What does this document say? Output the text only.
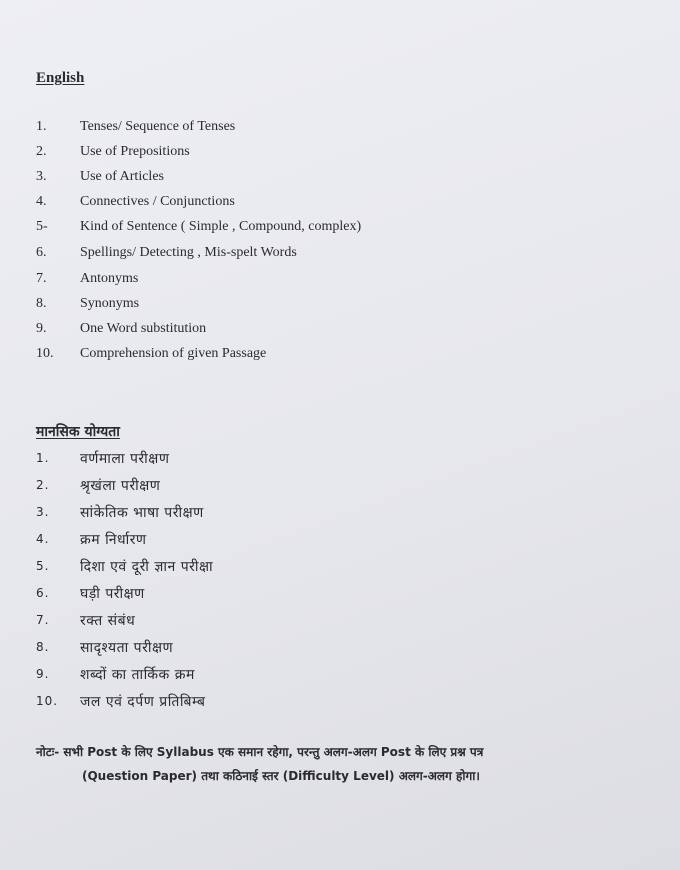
English
1.	Tenses/ Sequence of Tenses
2.	Use of Prepositions
3.	Use of Articles
4.	Connectives / Conjunctions
5-	Kind of Sentence ( Simple , Compound, complex)
6.	Spellings/ Detecting , Mis-spelt Words
7.	Antonyms
8.	Synonyms
9.	One Word substitution
10.	Comprehension of given Passage
मानसिक योग्यता
1.	वर्णमाला परीक्षण
2.	श्रृखंला परीक्षण
3.	सांकेतिक भाषा परीक्षण
4.	क्रम निर्धारण
5.	दिशा एवं दूरी ज्ञान परीक्षा
6.	घड़ी परीक्षण
7.	रक्त संबंध
8.	सादृश्यता परीक्षण
9.	शब्दों का तार्किक क्रम
10.	जल एवं दर्पण प्रतिबिम्ब
नोटः- सभी Post के लिए Syllabus एक समान रहेगा, परन्तु अलग-अलग Post के लिए प्रश्न पत्र
(Question Paper) तथा कठिनाई स्तर (Difficulty Level) अलग-अलग होगा।
